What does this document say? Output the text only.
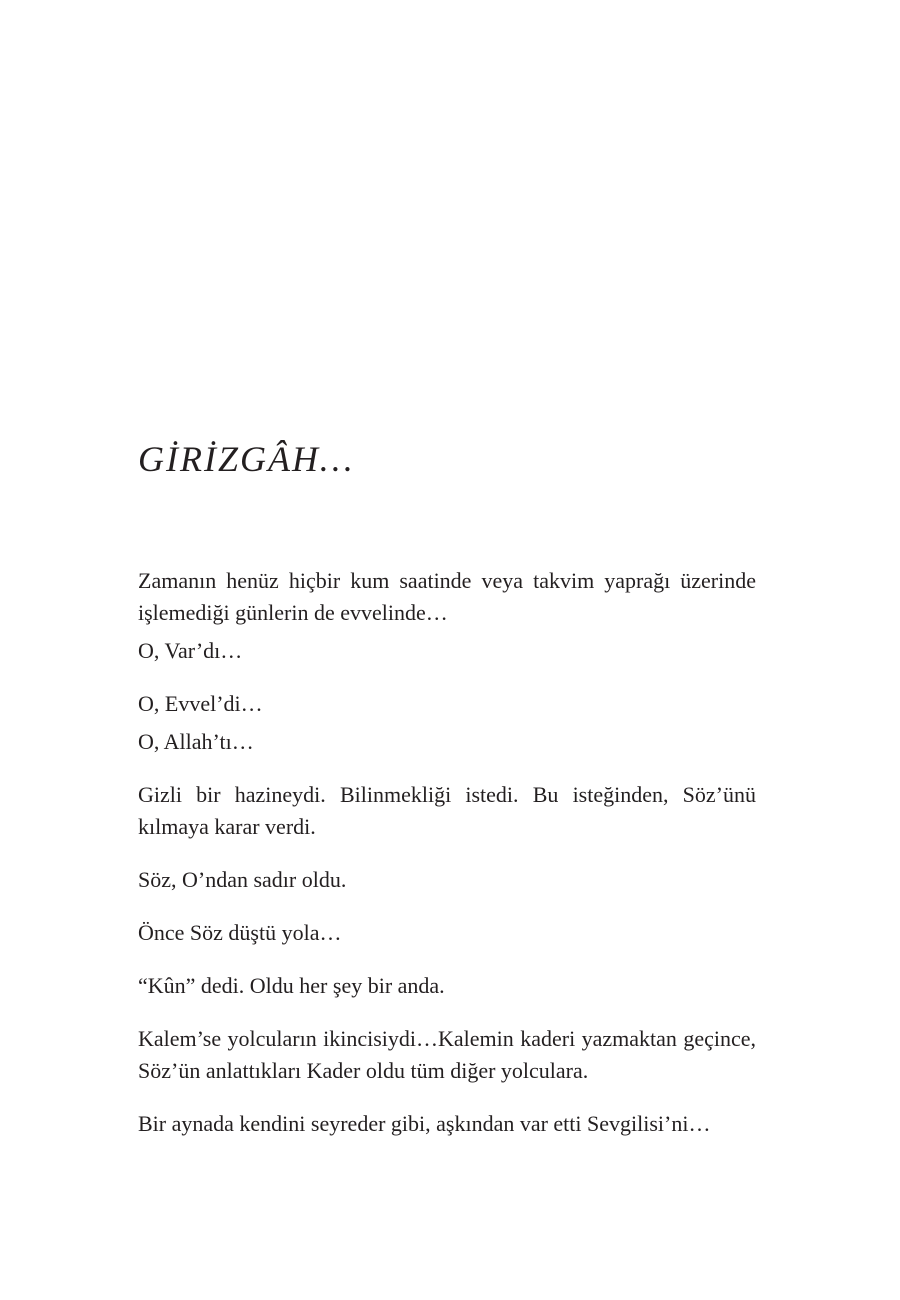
GİRİZGÂH…

Zamanın henüz hiçbir kum saatinde veya takvim yaprağı üzerinde işlemediği günlerin de evvelinde…

O, Var’dı…

O, Evvel’di…

O, Allah’tı…

Gizli bir hazineydi. Bilinmekliği istedi. Bu isteğinden, Söz’ünü kılmaya karar verdi.

Söz, O’ndan sadır oldu.

Önce Söz düştü yola…

“Kûn” dedi. Oldu her şey bir anda.

Kalem’se yolcuların ikincisiydi…Kalemin kaderi yazmaktan geçince, Söz’ün anlattıkları Kader oldu tüm diğer yolculara.

Bir aynada kendini seyreder gibi, aşkından var etti Sevgilisi’ni…
